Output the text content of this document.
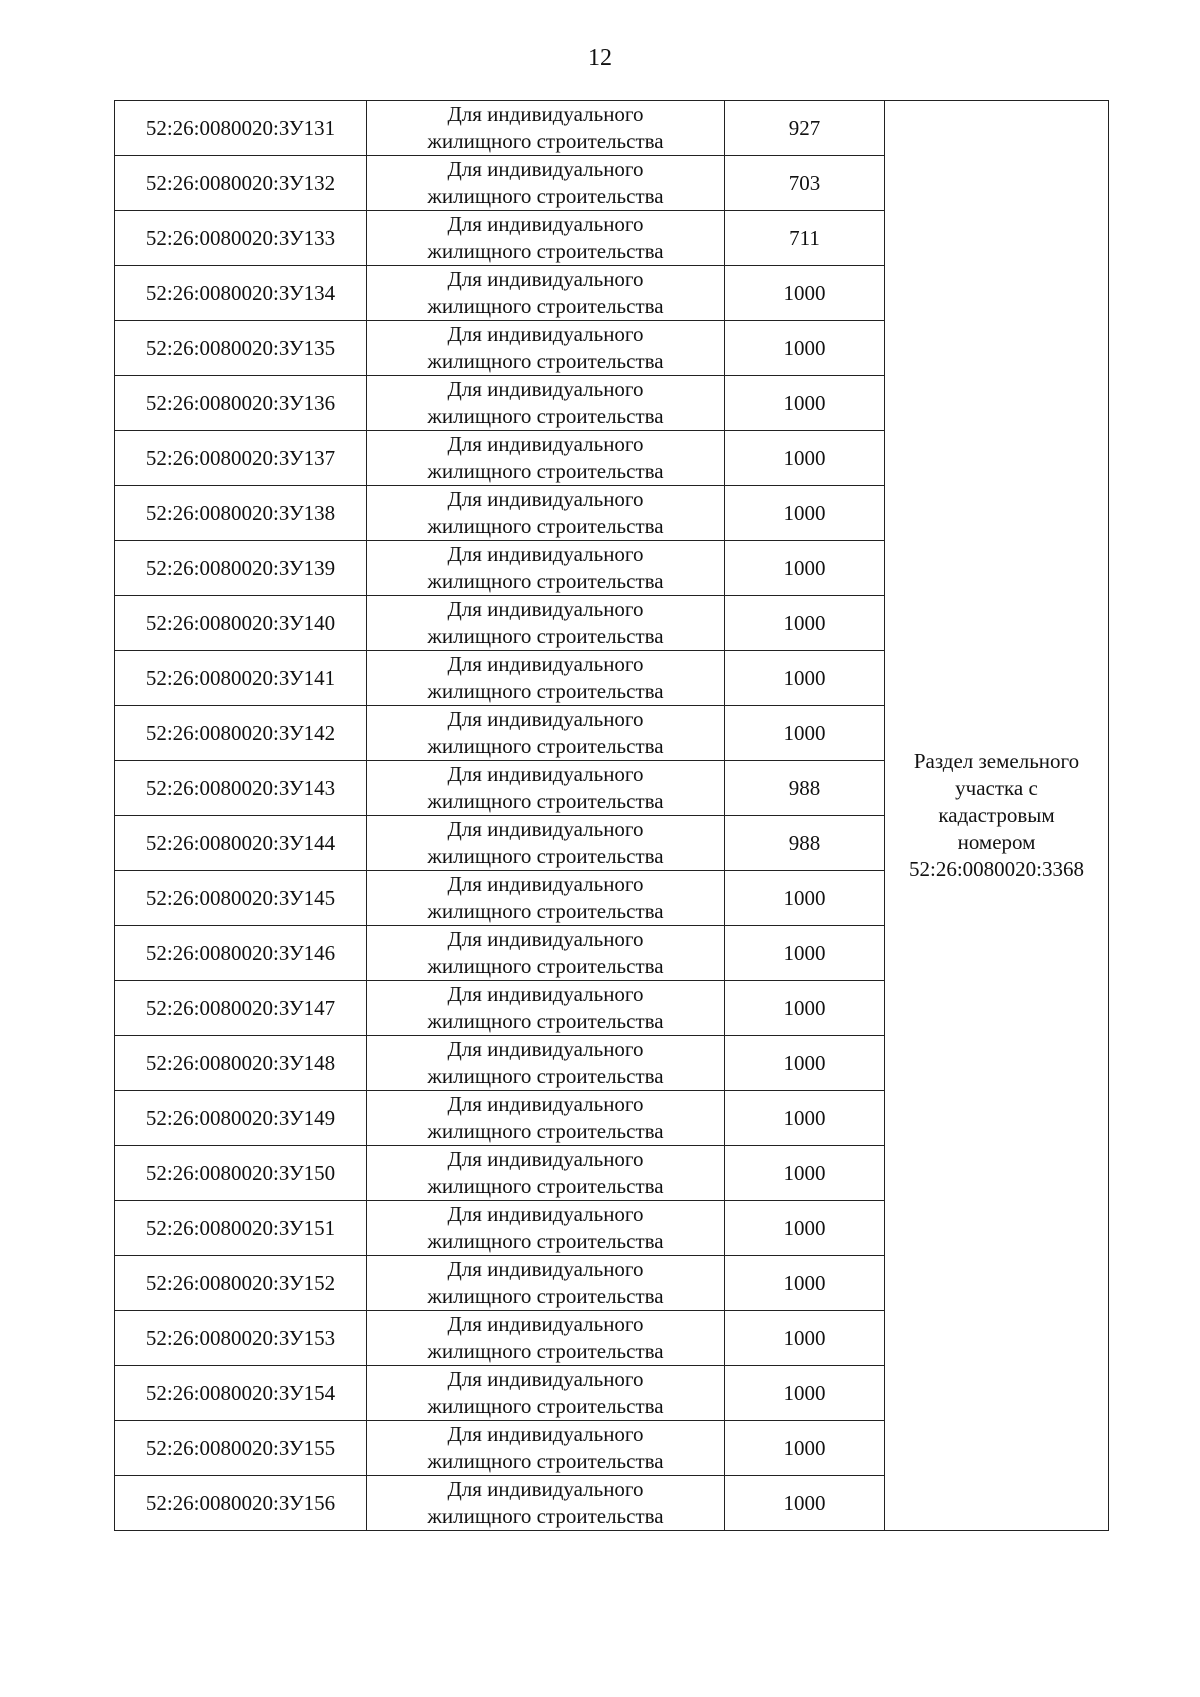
12
52:26:0080020:ЗУ131	Для индивидуального
жилищного строительства	927	Раздел земельного
участка с
кадастровым
номером
52:26:0080020:3368

52:26:0080020:ЗУ132	Для индивидуального
жилищного строительства	703	
52:26:0080020:ЗУ133	Для индивидуального
жилищного строительства	711	
52:26:0080020:ЗУ134	Для индивидуального
жилищного строительства	1000	
52:26:0080020:ЗУ135	Для индивидуального
жилищного строительства	1000	
52:26:0080020:ЗУ136	Для индивидуального
жилищного строительства	1000	
52:26:0080020:ЗУ137	Для индивидуального
жилищного строительства	1000	
52:26:0080020:ЗУ138	Для индивидуального
жилищного строительства	1000	
52:26:0080020:ЗУ139	Для индивидуального
жилищного строительства	1000	
52:26:0080020:ЗУ140	Для индивидуального
жилищного строительства	1000	
52:26:0080020:ЗУ141	Для индивидуального
жилищного строительства	1000	
52:26:0080020:ЗУ142	Для индивидуального
жилищного строительства	1000	
52:26:0080020:ЗУ143	Для индивидуального
жилищного строительства	988	
52:26:0080020:ЗУ144	Для индивидуального
жилищного строительства	988	
52:26:0080020:ЗУ145	Для индивидуального
жилищного строительства	1000	
52:26:0080020:ЗУ146	Для индивидуального
жилищного строительства	1000	
52:26:0080020:ЗУ147	Для индивидуального
жилищного строительства	1000	
52:26:0080020:ЗУ148	Для индивидуального
жилищного строительства	1000	
52:26:0080020:ЗУ149	Для индивидуального
жилищного строительства	1000	
52:26:0080020:ЗУ150	Для индивидуального
жилищного строительства	1000	
52:26:0080020:ЗУ151	Для индивидуального
жилищного строительства	1000	
52:26:0080020:ЗУ152	Для индивидуального
жилищного строительства	1000	
52:26:0080020:ЗУ153	Для индивидуального
жилищного строительства	1000	
52:26:0080020:ЗУ154	Для индивидуального
жилищного строительства	1000	
52:26:0080020:ЗУ155	Для индивидуального
жилищного строительства	1000	
52:26:0080020:ЗУ156	Для индивидуального
жилищного строительства	1000	
